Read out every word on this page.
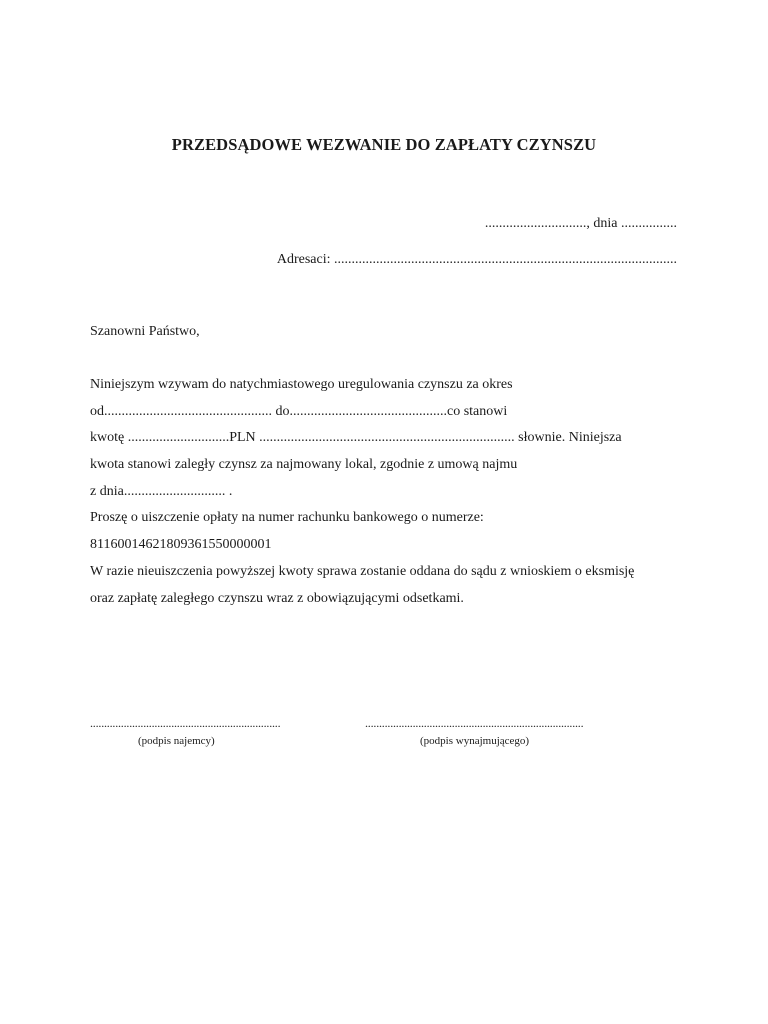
PRZEDSĄDOWE WEZWANIE DO ZAPŁATY CZYNSZU
............................., dnia ................
Adresaci: ..................................................................................................
Szanowni Państwo,
Niniejszym wzywam do natychmiastowego uregulowania czynszu za okres
od................................................ do.............................................co stanowi
kwotę .............................PLN ......................................................................... słownie. Niniejsza
kwota stanowi zaległy czynsz za najmowany lokal, zgodnie z umową najmu
z dnia............................. .
Proszę o uiszczenie opłaty na numer rachunku bankowego o numerze:
81160014621809361550000001
W razie nieuiszczenia powyższej kwoty sprawa zostanie oddana do sądu z wnioskiem o eksmisję
oraz zapłatę zaległego czynszu wraz z obowiązującymi odsetkami.
....................................................................
(podpis najemcy)
..............................................................................
(podpis wynajmującego)
